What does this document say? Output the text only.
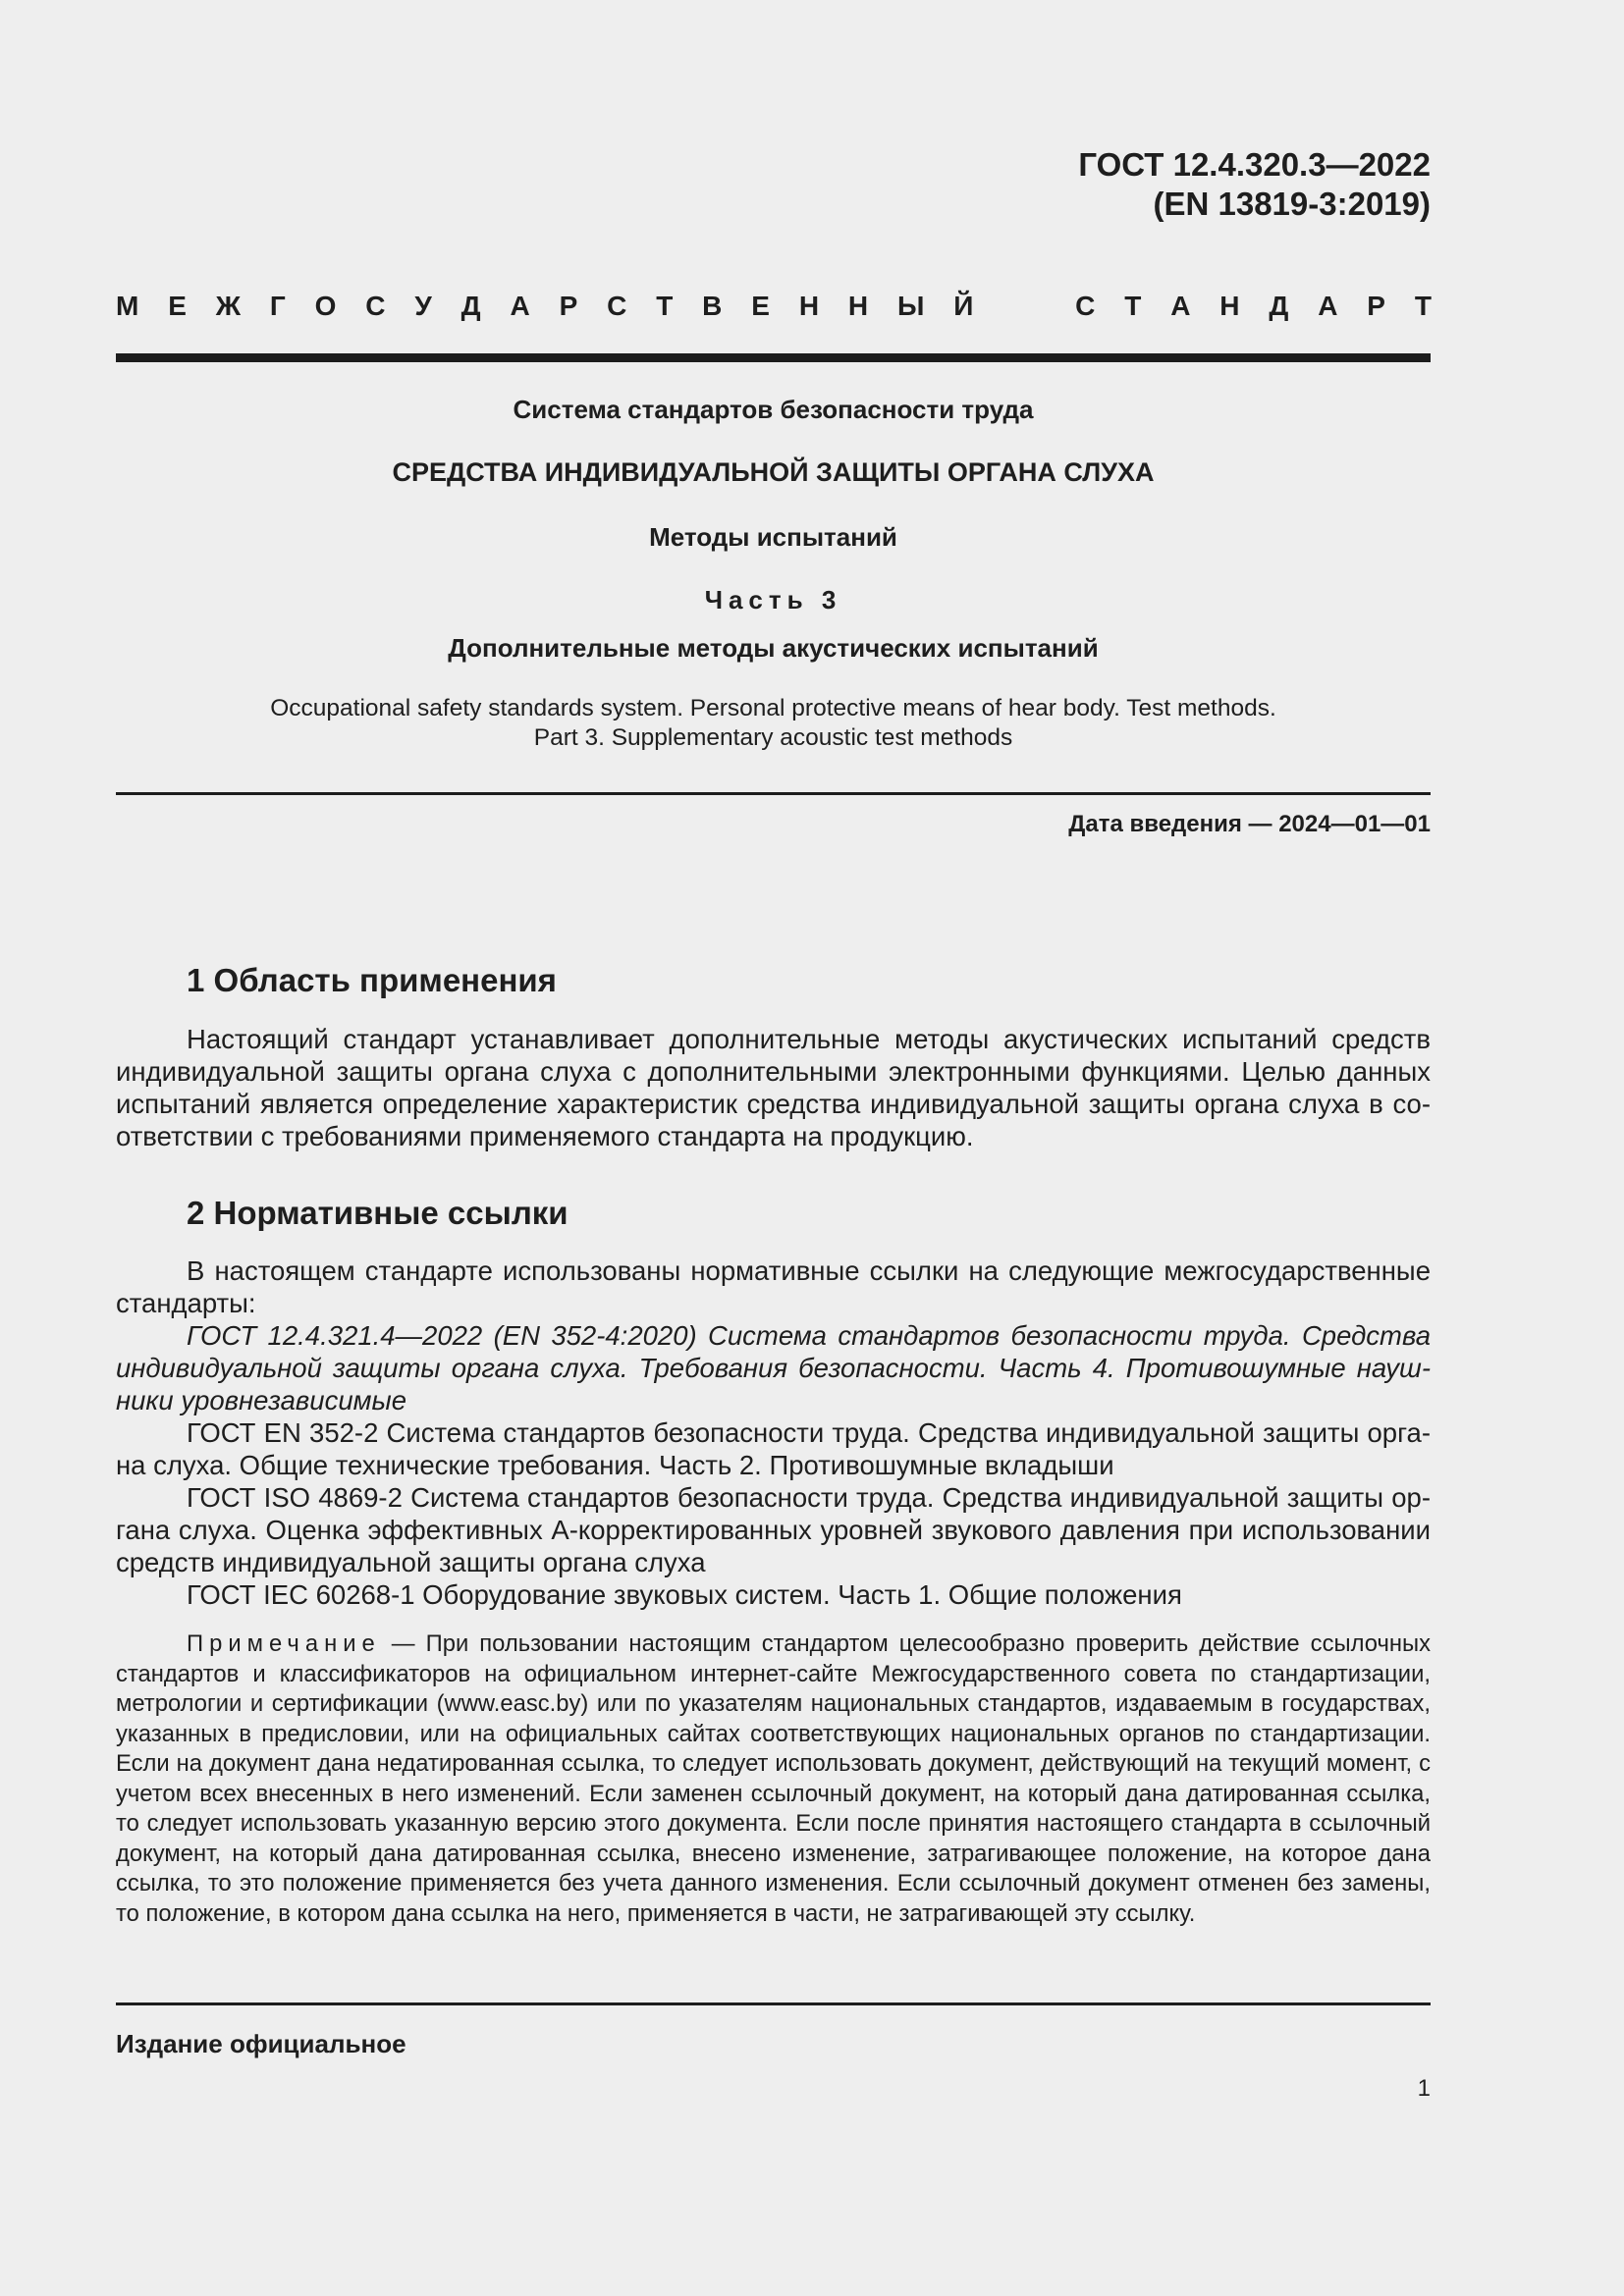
ГОСТ 12.4.320.3—2022
(EN 13819-3:2019)
М Е Ж Г О С У Д А Р С Т В Е Н Н Ы Й	С Т А Н Д А Р Т
Система стандартов безопасности труда
СРЕДСТВА ИНДИВИДУАЛЬНОЙ ЗАЩИТЫ ОРГАНА СЛУХА
Методы испытаний
Часть 3
Дополнительные методы акустических испытаний
Occupational safety standards system. Personal protective means of hear body. Test methods.
Part 3. Supplementary acoustic test methods
Дата введения — 2024—01—01
1 Область применения
Настоящий стандарт устанавливает дополнительные методы акустических испытаний средств индивидуальной защиты органа слуха с дополнительными электронными функциями. Целью данных испытаний является определение характеристик средства индивидуальной защиты органа слуха в соответствии с требованиями применяемого стандарта на продукцию.
2 Нормативные ссылки

В настоящем стандарте использованы нормативные ссылки на следующие межгосударственные стандарты:

ГОСТ 12.4.321.4—2022 (EN 352-4:2020) Система стандартов безопасности труда. Средства индивидуальной защиты органа слуха. Требования безопасности. Часть 4. Противошумные наушники уровнезависимые

ГОСТ EN 352-2 Система стандартов безопасности труда. Средства индивидуальной защиты органа слуха. Общие технические требования. Часть 2. Противошумные вкладыши

ГОСТ ISO 4869-2 Система стандартов безопасности труда. Средства индивидуальной защиты органа слуха. Оценка эффективных А-корректированных уровней звукового давления при использовании средств индивидуальной защиты органа слуха

ГОСТ IEC 60268-1 Оборудование звуковых систем. Часть 1. Общие положения

Примечание — При пользовании настоящим стандартом целесообразно проверить действие ссылочных стандартов и классификаторов на официальном интернет-сайте Межгосударственного совета по стандартизации, метрологии и сертификации (www.easc.by) или по указателям национальных стандартов, издаваемым в государствах, указанных в предисловии, или на официальных сайтах соответствующих национальных органов по стандартизации. Если на документ дана недатированная ссылка, то следует использовать документ, действующий на текущий момент, с учетом всех внесенных в него изменений. Если заменен ссылочный документ, на который дана датированная ссылка, то следует использовать указанную версию этого документа. Если после принятия настоящего стандарта в ссылочный документ, на который дана датированная ссылка, внесено изменение, затрагивающее положение, на которое дана ссылка, то это положение применяется без учета данного изменения. Если ссылочный документ отменен без замены, то положение, в котором дана ссылка на него, применяется в части, не затрагивающей эту ссылку.
Издание официальное
1
